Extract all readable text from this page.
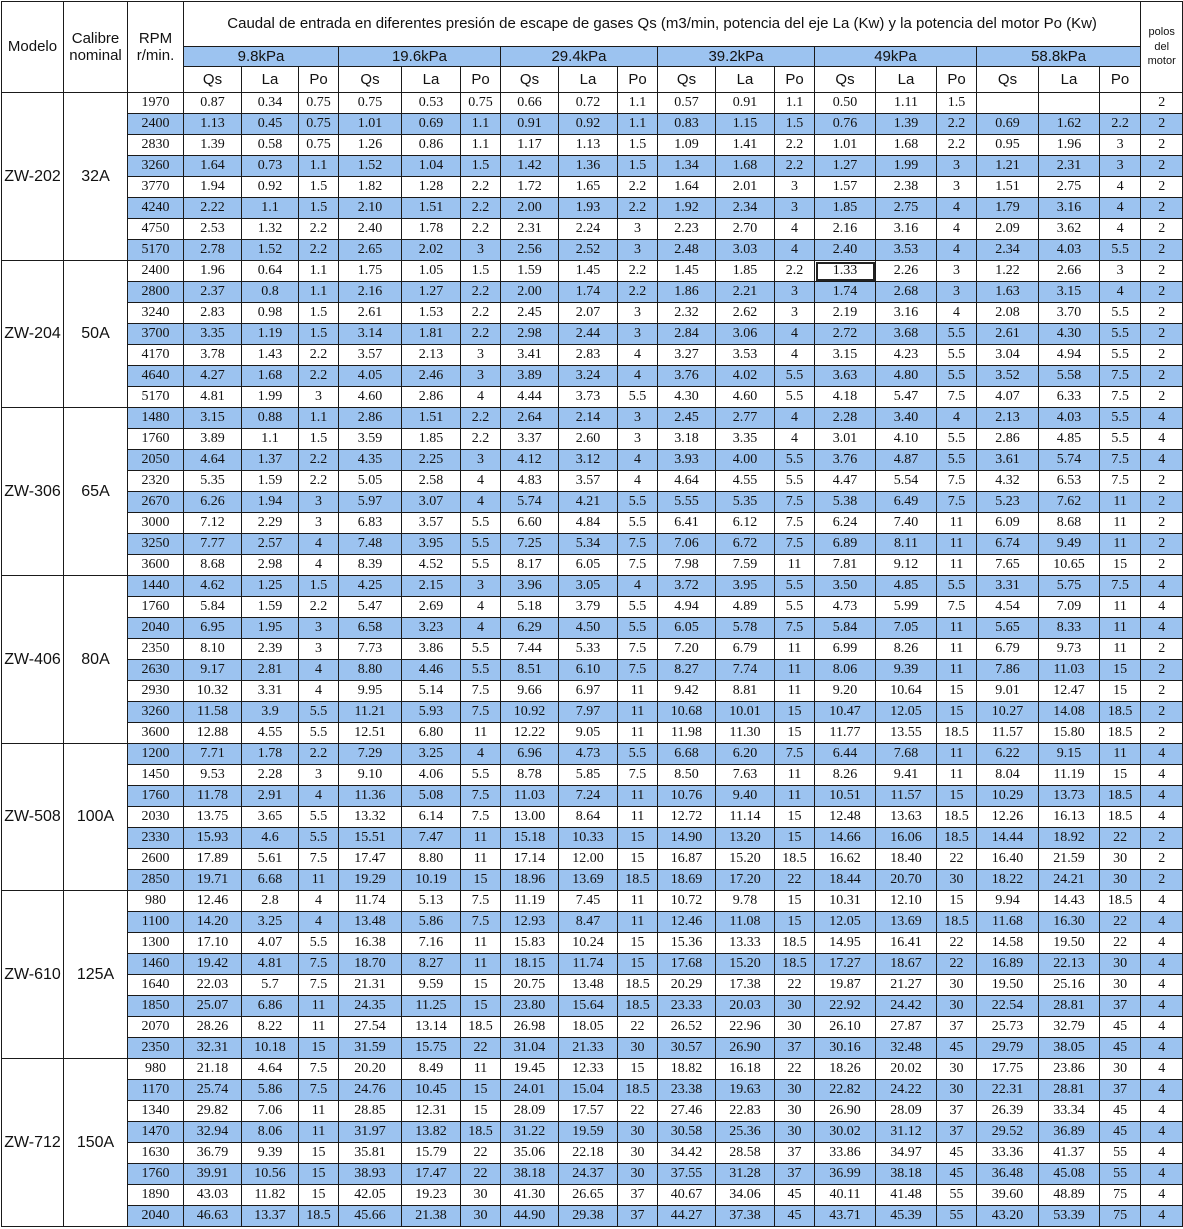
Modelo	Calibre nominal	RPM r/min.	Caudal de entrada en diferentes presión de escape de gases Qs (m3/min, potencia del eje La (Kw) y la potencia del motor Po (Kw)																		polos del motor
			9.8kPa			19.6kPa			29.4kPa			39.2kPa			49kPa			58.8kPa			
			Qs	La	Po	Qs	La	Po	Qs	La	Po	Qs	La	Po	Qs	La	Po	Qs	La	Po	
ZW-202	32A	1970	0.87	0.34	0.75	0.75	0.53	0.75	0.66	0.72	1.1	0.57	0.91	1.1	0.50	1.11	1.5				2
		2400	1.13	0.45	0.75	1.01	0.69	1.1	0.91	0.92	1.1	0.83	1.15	1.5	0.76	1.39	2.2	0.69	1.62	2.2	2
		2830	1.39	0.58	0.75	1.26	0.86	1.1	1.17	1.13	1.5	1.09	1.41	2.2	1.01	1.68	2.2	0.95	1.96	3	2
		3260	1.64	0.73	1.1	1.52	1.04	1.5	1.42	1.36	1.5	1.34	1.68	2.2	1.27	1.99	3	1.21	2.31	3	2
		3770	1.94	0.92	1.5	1.82	1.28	2.2	1.72	1.65	2.2	1.64	2.01	3	1.57	2.38	3	1.51	2.75	4	2
		4240	2.22	1.1	1.5	2.10	1.51	2.2	2.00	1.93	2.2	1.92	2.34	3	1.85	2.75	4	1.79	3.16	4	2
		4750	2.53	1.32	2.2	2.40	1.78	2.2	2.31	2.24	3	2.23	2.70	4	2.16	3.16	4	2.09	3.62	4	2
		5170	2.78	1.52	2.2	2.65	2.02	3	2.56	2.52	3	2.48	3.03	4	2.40	3.53	4	2.34	4.03	5.5	2
ZW-204	50A	2400	1.96	0.64	1.1	1.75	1.05	1.5	1.59	1.45	2.2	1.45	1.85	2.2	1.33	2.26	3	1.22	2.66	3	2
		2800	2.37	0.8	1.1	2.16	1.27	2.2	2.00	1.74	2.2	1.86	2.21	3	1.74	2.68	3	1.63	3.15	4	2
		3240	2.83	0.98	1.5	2.61	1.53	2.2	2.45	2.07	3	2.32	2.62	3	2.19	3.16	4	2.08	3.70	5.5	2
		3700	3.35	1.19	1.5	3.14	1.81	2.2	2.98	2.44	3	2.84	3.06	4	2.72	3.68	5.5	2.61	4.30	5.5	2
		4170	3.78	1.43	2.2	3.57	2.13	3	3.41	2.83	4	3.27	3.53	4	3.15	4.23	5.5	3.04	4.94	5.5	2
		4640	4.27	1.68	2.2	4.05	2.46	3	3.89	3.24	4	3.76	4.02	5.5	3.63	4.80	5.5	3.52	5.58	7.5	2
		5170	4.81	1.99	3	4.60	2.86	4	4.44	3.73	5.5	4.30	4.60	5.5	4.18	5.47	7.5	4.07	6.33	7.5	2
ZW-306	65A	1480	3.15	0.88	1.1	2.86	1.51	2.2	2.64	2.14	3	2.45	2.77	4	2.28	3.40	4	2.13	4.03	5.5	4
		1760	3.89	1.1	1.5	3.59	1.85	2.2	3.37	2.60	3	3.18	3.35	4	3.01	4.10	5.5	2.86	4.85	5.5	4
		2050	4.64	1.37	2.2	4.35	2.25	3	4.12	3.12	4	3.93	4.00	5.5	3.76	4.87	5.5	3.61	5.74	7.5	4
		2320	5.35	1.59	2.2	5.05	2.58	4	4.83	3.57	4	4.64	4.55	5.5	4.47	5.54	7.5	4.32	6.53	7.5	2
		2670	6.26	1.94	3	5.97	3.07	4	5.74	4.21	5.5	5.55	5.35	7.5	5.38	6.49	7.5	5.23	7.62	11	2
		3000	7.12	2.29	3	6.83	3.57	5.5	6.60	4.84	5.5	6.41	6.12	7.5	6.24	7.40	11	6.09	8.68	11	2
		3250	7.77	2.57	4	7.48	3.95	5.5	7.25	5.34	7.5	7.06	6.72	7.5	6.89	8.11	11	6.74	9.49	11	2
		3600	8.68	2.98	4	8.39	4.52	5.5	8.17	6.05	7.5	7.98	7.59	11	7.81	9.12	11	7.65	10.65	15	2
ZW-406	80A	1440	4.62	1.25	1.5	4.25	2.15	3	3.96	3.05	4	3.72	3.95	5.5	3.50	4.85	5.5	3.31	5.75	7.5	4
		1760	5.84	1.59	2.2	5.47	2.69	4	5.18	3.79	5.5	4.94	4.89	5.5	4.73	5.99	7.5	4.54	7.09	11	4
		2040	6.95	1.95	3	6.58	3.23	4	6.29	4.50	5.5	6.05	5.78	7.5	5.84	7.05	11	5.65	8.33	11	4
		2350	8.10	2.39	3	7.73	3.86	5.5	7.44	5.33	7.5	7.20	6.79	11	6.99	8.26	11	6.79	9.73	11	2
		2630	9.17	2.81	4	8.80	4.46	5.5	8.51	6.10	7.5	8.27	7.74	11	8.06	9.39	11	7.86	11.03	15	2
		2930	10.32	3.31	4	9.95	5.14	7.5	9.66	6.97	11	9.42	8.81	11	9.20	10.64	15	9.01	12.47	15	2
		3260	11.58	3.9	5.5	11.21	5.93	7.5	10.92	7.97	11	10.68	10.01	15	10.47	12.05	15	10.27	14.08	18.5	2
		3600	12.88	4.55	5.5	12.51	6.80	11	12.22	9.05	11	11.98	11.30	15	11.77	13.55	18.5	11.57	15.80	18.5	2
ZW-508	100A	1200	7.71	1.78	2.2	7.29	3.25	4	6.96	4.73	5.5	6.68	6.20	7.5	6.44	7.68	11	6.22	9.15	11	4
		1450	9.53	2.28	3	9.10	4.06	5.5	8.78	5.85	7.5	8.50	7.63	11	8.26	9.41	11	8.04	11.19	15	4
		1760	11.78	2.91	4	11.36	5.08	7.5	11.03	7.24	11	10.76	9.40	11	10.51	11.57	15	10.29	13.73	18.5	4
		2030	13.75	3.65	5.5	13.32	6.14	7.5	13.00	8.64	11	12.72	11.14	15	12.48	13.63	18.5	12.26	16.13	18.5	4
		2330	15.93	4.6	5.5	15.51	7.47	11	15.18	10.33	15	14.90	13.20	15	14.66	16.06	18.5	14.44	18.92	22	2
		2600	17.89	5.61	7.5	17.47	8.80	11	17.14	12.00	15	16.87	15.20	18.5	16.62	18.40	22	16.40	21.59	30	2
		2850	19.71	6.68	11	19.29	10.19	15	18.96	13.69	18.5	18.69	17.20	22	18.44	20.70	30	18.22	24.21	30	2
ZW-610	125A	980	12.46	2.8	4	11.74	5.13	7.5	11.19	7.45	11	10.72	9.78	15	10.31	12.10	15	9.94	14.43	18.5	4
		1100	14.20	3.25	4	13.48	5.86	7.5	12.93	8.47	11	12.46	11.08	15	12.05	13.69	18.5	11.68	16.30	22	4
		1300	17.10	4.07	5.5	16.38	7.16	11	15.83	10.24	15	15.36	13.33	18.5	14.95	16.41	22	14.58	19.50	22	4
		1460	19.42	4.81	7.5	18.70	8.27	11	18.15	11.74	15	17.68	15.20	18.5	17.27	18.67	22	16.89	22.13	30	4
		1640	22.03	5.7	7.5	21.31	9.59	15	20.75	13.48	18.5	20.29	17.38	22	19.87	21.27	30	19.50	25.16	30	4
		1850	25.07	6.86	11	24.35	11.25	15	23.80	15.64	18.5	23.33	20.03	30	22.92	24.42	30	22.54	28.81	37	4
		2070	28.26	8.22	11	27.54	13.14	18.5	26.98	18.05	22	26.52	22.96	30	26.10	27.87	37	25.73	32.79	45	4
		2350	32.31	10.18	15	31.59	15.75	22	31.04	21.33	30	30.57	26.90	37	30.16	32.48	45	29.79	38.05	45	4
ZW-712	150A	980	21.18	4.64	7.5	20.20	8.49	11	19.45	12.33	15	18.82	16.18	22	18.26	20.02	30	17.75	23.86	30	4
		1170	25.74	5.86	7.5	24.76	10.45	15	24.01	15.04	18.5	23.38	19.63	30	22.82	24.22	30	22.31	28.81	37	4
		1340	29.82	7.06	11	28.85	12.31	15	28.09	17.57	22	27.46	22.83	30	26.90	28.09	37	26.39	33.34	45	4
		1470	32.94	8.06	11	31.97	13.82	18.5	31.22	19.59	30	30.58	25.36	30	30.02	31.12	37	29.52	36.89	45	4
		1630	36.79	9.39	15	35.81	15.79	22	35.06	22.18	30	34.42	28.58	37	33.86	34.97	45	33.36	41.37	55	4
		1760	39.91	10.56	15	38.93	17.47	22	38.18	24.37	30	37.55	31.28	37	36.99	38.18	45	36.48	45.08	55	4
		1890	43.03	11.82	15	42.05	19.23	30	41.30	26.65	37	40.67	34.06	45	40.11	41.48	55	39.60	48.89	75	4
		2040	46.63	13.37	18.5	45.66	21.38	30	44.90	29.38	37	44.27	37.38	45	43.71	45.39	55	43.20	53.39	75	4
